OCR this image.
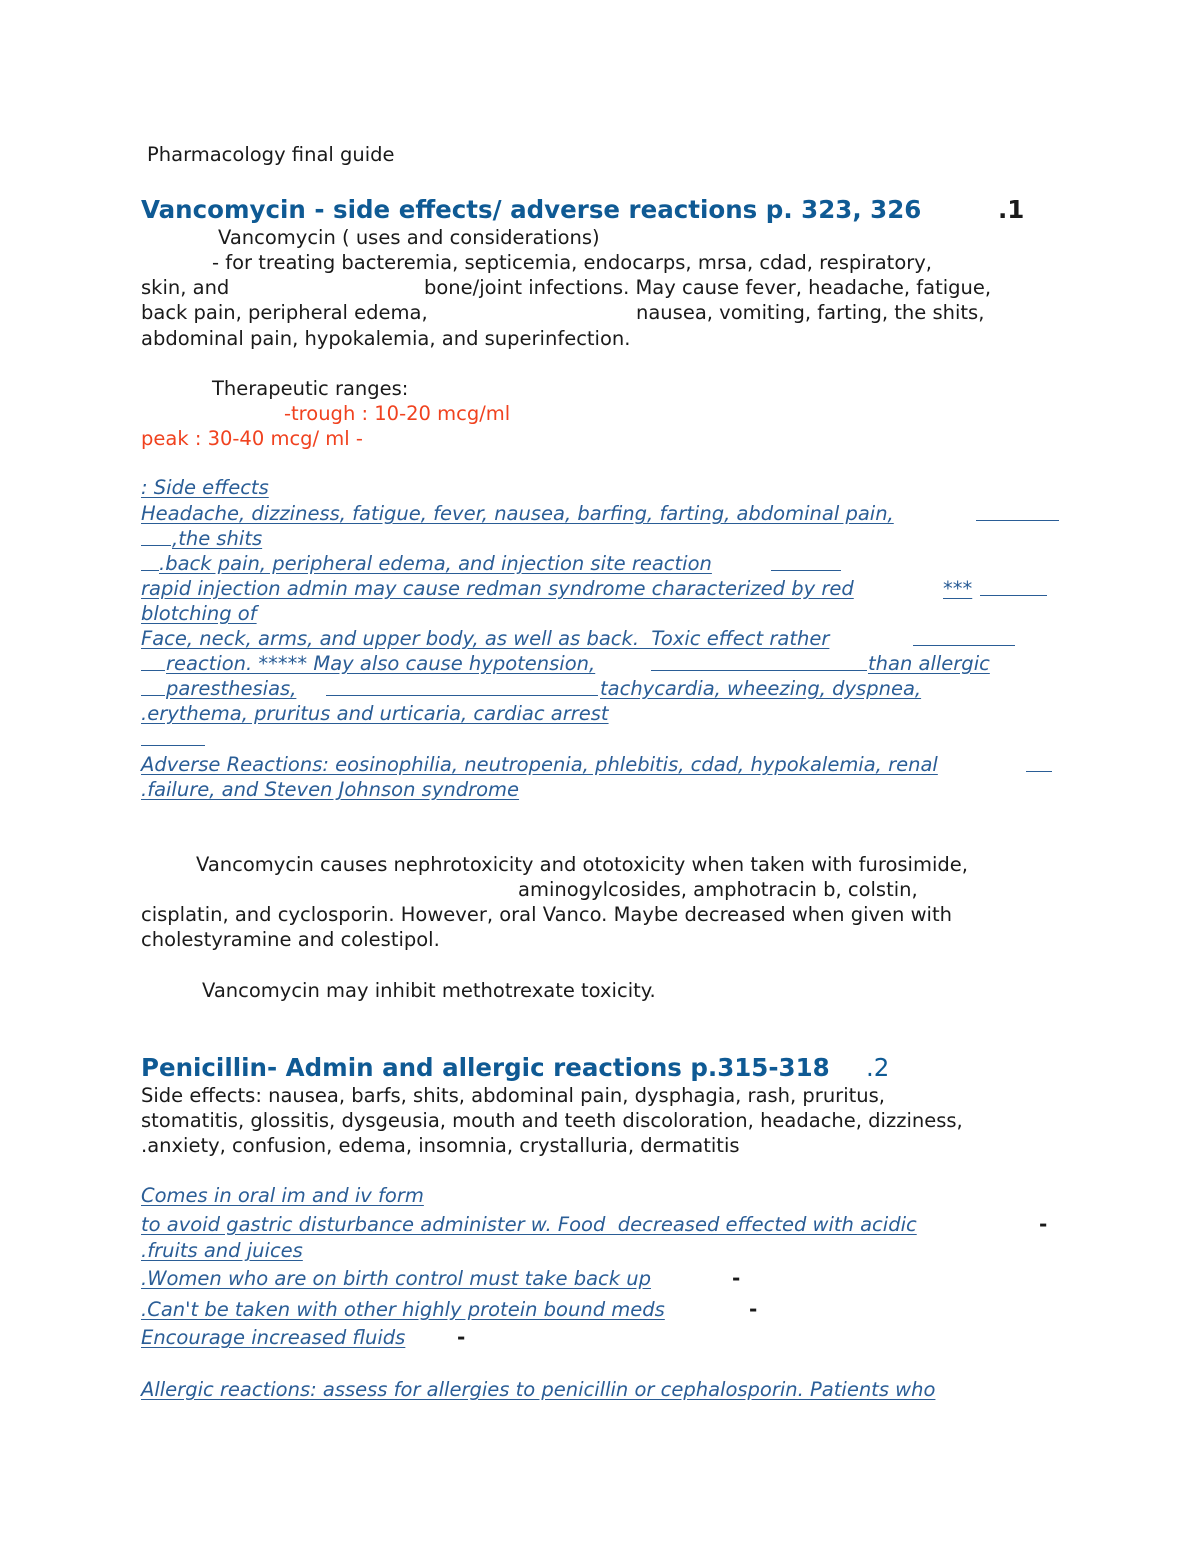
Pharmacology final guide
Vancomycin - side effects/ adverse reactions p. 323, 326	.1
Vancomycin ( uses and considerations)
- for treating bacteremia, septicemia, endocarps, mrsa, cdad, respiratory,
skin, and	bone/joint infections. May cause fever, headache, fatigue,
back pain, peripheral edema,	nausea, vomiting, farting, the shits,
abdominal pain, hypokalemia, and superinfection.
Therapeutic ranges:
-trough : 10-20 mcg/ml
peak : 30-40 mcg/ ml -
: Side effects
Headache, dizziness, fatigue, fever, nausea, barfing, farting, abdominal pain,
,the shits
.back pain, peripheral edema, and injection site reaction
rapid injection admin may cause redman syndrome characterized by red	***
blotching of
Face, neck, arms, and upper body, as well as back.  Toxic effect rather
reaction. ***** May also cause hypotension,	than allergic
paresthesias,	tachycardia, wheezing, dyspnea,
.erythema, pruritus and urticaria, cardiac arrest
Adverse Reactions: eosinophilia, neutropenia, phlebitis, cdad, hypokalemia, renal
.failure, and Steven Johnson syndrome
Vancomycin causes nephrotoxicity and ototoxicity when taken with furosimide,
aminogylcosides, amphotracin b, colstin,
cisplatin, and cyclosporin. However, oral Vanco. Maybe decreased when given with
cholestyramine and colestipol.
Vancomycin may inhibit methotrexate toxicity.
Penicillin- Admin and allergic reactions p.315-318 .2
Side effects: nausea, barfs, shits, abdominal pain, dysphagia, rash, pruritus,
stomatitis, glossitis, dysgeusia, mouth and teeth discoloration, headache, dizziness,
.anxiety, confusion, edema, insomnia, crystalluria, dermatitis
Comes in oral im and iv form
to avoid gastric disturbance administer w. Food  decreased effected with acidic	-
.fruits and juices
.Women who are on birth control must take back up	-
.Can't be taken with other highly protein bound meds	-
Encourage increased fluids	-
Allergic reactions: assess for allergies to penicillin or cephalosporin. Patients who
